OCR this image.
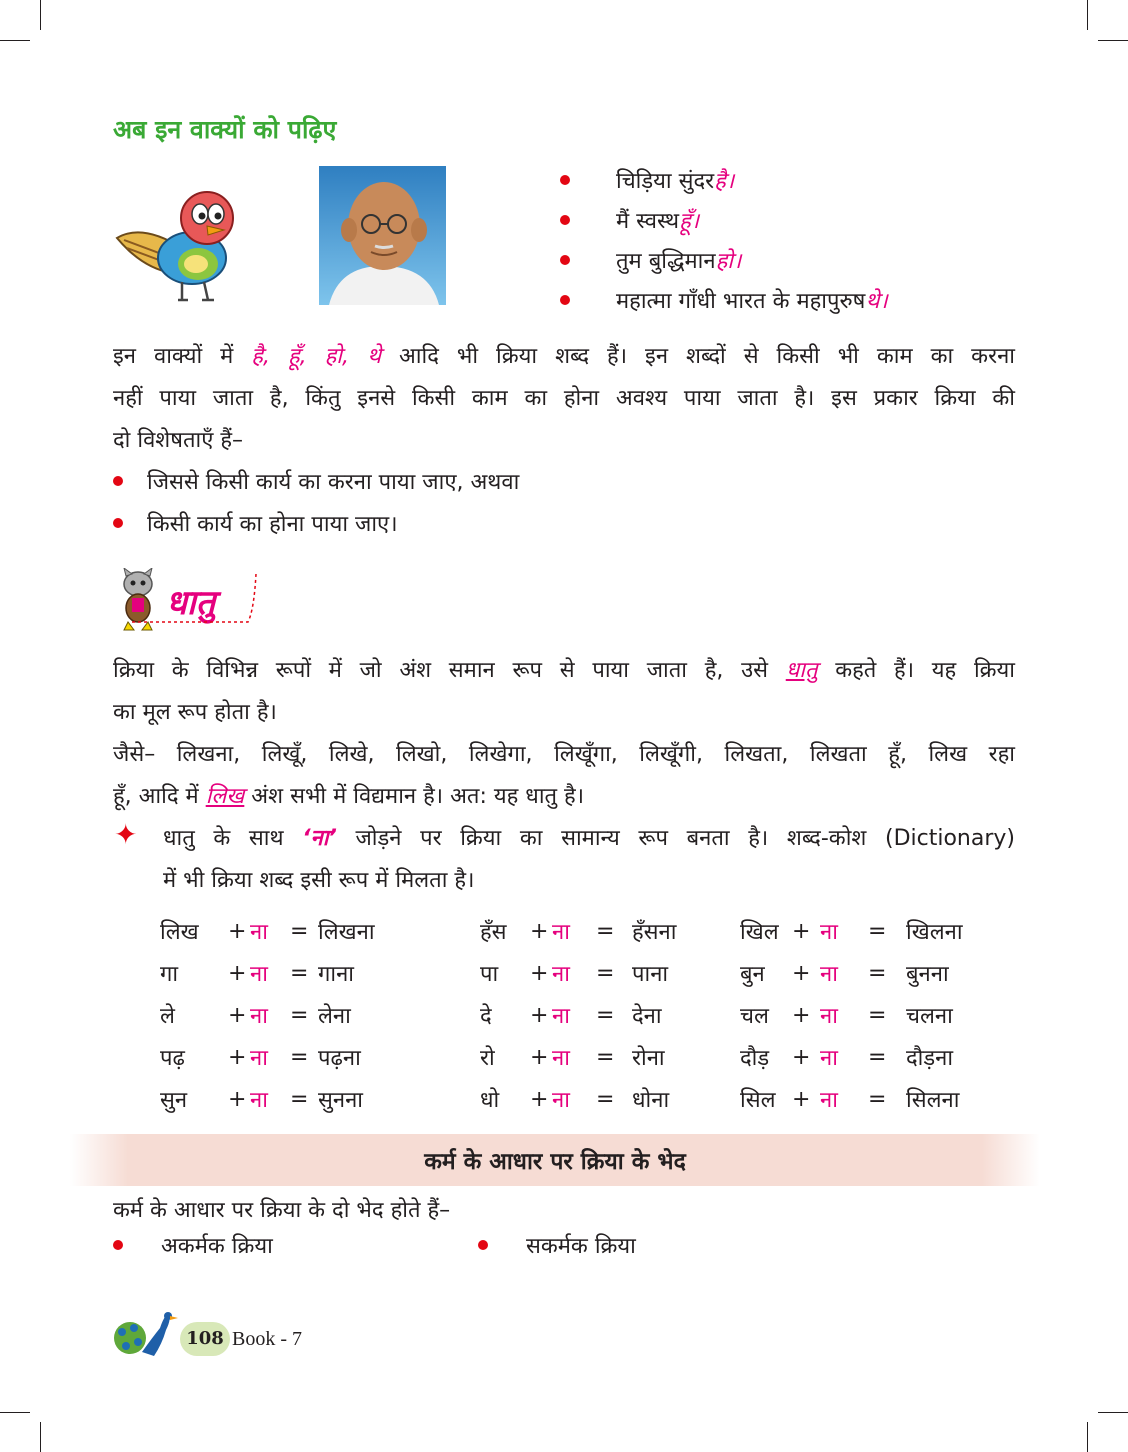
अब इन वाक्यों को पढ़िए
चिड़िया सुंदर है।
मैं स्वस्थ हूँ।
तुम बुद्धिमान हो।
महात्मा गाँधी भारत के महापुरुष थे।
इन वाक्यों में है, हूँ, हो, थे आदि भी क्रिया शब्द हैं। इन शब्दों से किसी भी काम का करना
नहीं पाया जाता है, किंतु इनसे किसी काम का होना अवश्य पाया जाता है। इस प्रकार क्रिया की
दो विशेषताएँ हैं–
जिससे किसी कार्य का करना पाया जाए, अथवा
किसी कार्य का होना पाया जाए।
धातु
क्रिया के विभिन्न रूपों में जो अंश समान रूप से पाया जाता है, उसे धातु कहते हैं। यह क्रिया
का मूल रूप होता है।
जैसे– लिखना, लिखूँ, लिखे, लिखो, लिखेगा, लिखूँगा, लिखूँगी, लिखता, लिखता हूँ, लिख रहा
हूँ, आदि में लिख अंश सभी में विद्यमान है। अत: यह धातु है।
✦ धातु के साथ ‘ना’ जोड़ने पर क्रिया का सामान्य रूप बनता है। शब्द-कोश (Dictionary)
में भी क्रिया शब्द इसी रूप में मिलता है।
लिख	+	ना	=	लिखना	हँस	+	ना	=	हँसना	खिल	+	ना	=	खिलना
गा	+	ना	=	गाना	पा	+	ना	=	पाना	बुन	+	ना	=	बुनना
ले	+	ना	=	लेना	दे	+	ना	=	देना	चल	+	ना	=	चलना
पढ़	+	ना	=	पढ़ना	रो	+	ना	=	रोना	दौड़	+	ना	=	दौड़ना
सुन	+	ना	=	सुनना	धो	+	ना	=	धोना	सिल	+	ना	=	सिलना
कर्म के आधार पर क्रिया के भेद
कर्म के आधार पर क्रिया के दो भेद होते हैं–
अकर्मक क्रिया	सकर्मक क्रिया
108 Book - 7
